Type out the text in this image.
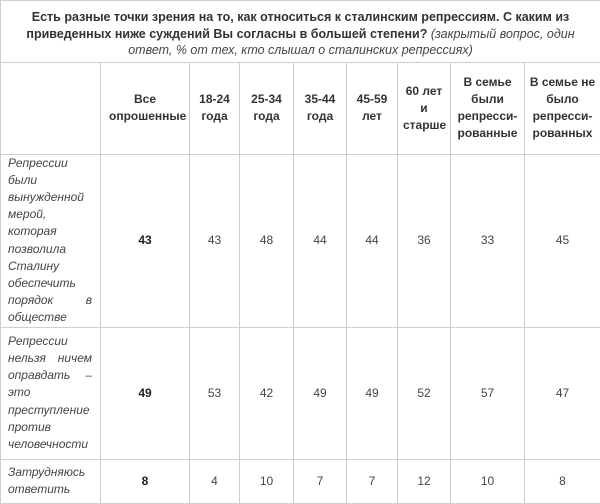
Есть разные точки зрения на то, как относиться к сталинским репрессиям. С каким из приведенных ниже суждений Вы согласны в большей степени? (закрытый вопрос, один ответ, % от тех, кто слышал о сталинских репрессиях)								
	Все опрошенные	18-24 года	25-34 года	35-44 года	45-59 лет	60 лет и старше	В семье были репресси-рованные	В семье не было репресси-рованных
Репрессии были вынужденной мерой, которая позволила Сталину обеспечить порядок в обществе	43	43	48	44	44	36	33	45
Репрессии нельзя ничем оправдать – это преступление против человечности	49	53	42	49	49	52	57	47
Затрудняюсь ответить	8	4	10	7	7	12	10	8
